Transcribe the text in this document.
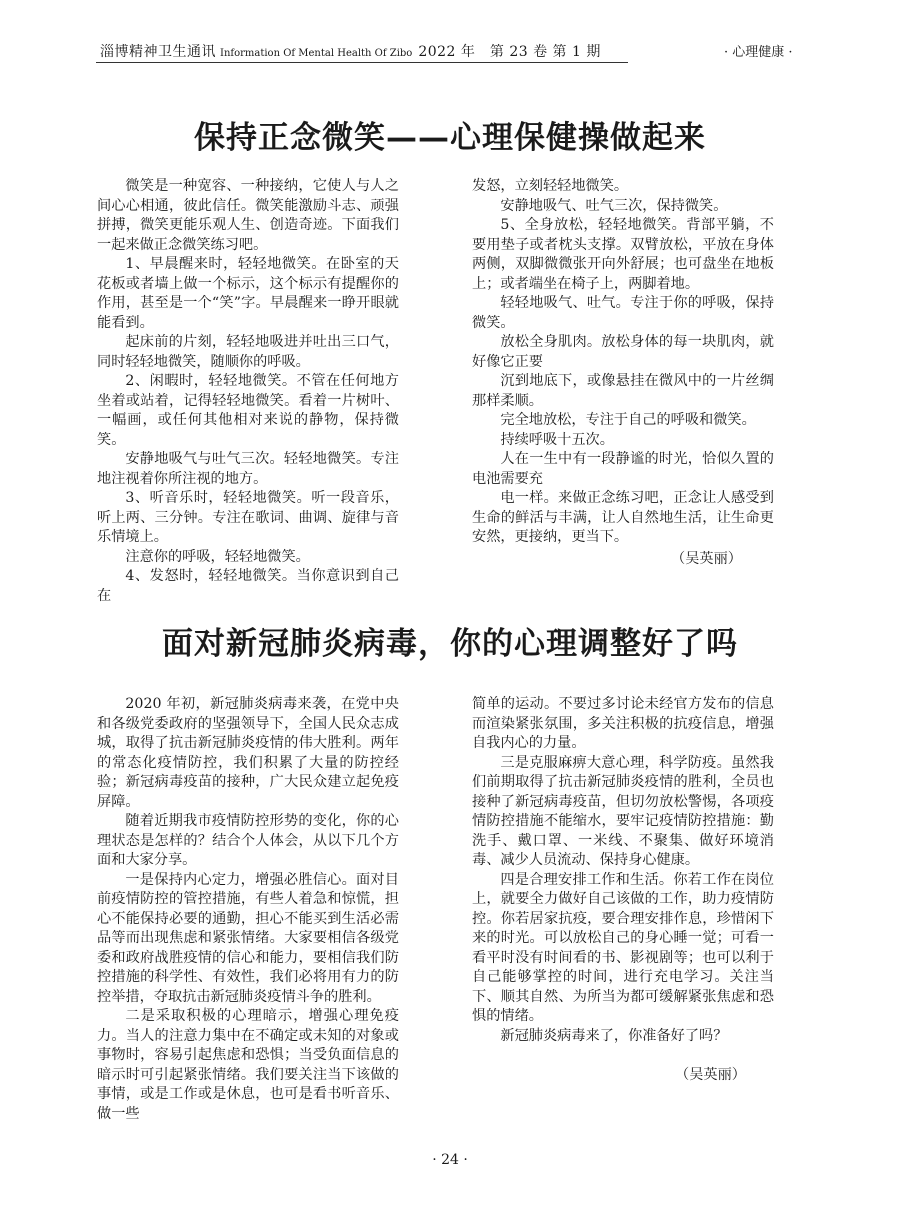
淄博精神卫生通讯 Information Of Mental Health Of Zibo 2022 年　第 23 卷 第 1 期	· 心理健康 ·
保持正念微笑——心理保健操做起来

微笑是一种宽容、一种接纳，它使人与人之间心心相通，彼此信任。微笑能激励斗志、顽强拼搏，微笑更能乐观人生、创造奇迹。下面我们一起来做正念微笑练习吧。

1、早晨醒来时，轻轻地微笑。在卧室的天花板或者墙上做一个标示，这个标示有提醒你的作用，甚至是一个“笑”字。早晨醒来一睁开眼就能看到。

起床前的片刻，轻轻地吸进并吐出三口气，同时轻轻地微笑，随顺你的呼吸。

2、闲暇时，轻轻地微笑。不管在任何地方坐着或站着，记得轻轻地微笑。看着一片树叶、一幅画，或任何其他相对来说的静物，保持微笑。

安静地吸气与吐气三次。轻轻地微笑。专注地注视着你所注视的地方。

3、听音乐时，轻轻地微笑。听一段音乐，听上两、三分钟。专注在歌词、曲调、旋律与音乐情境上。

注意你的呼吸，轻轻地微笑。

4、发怒时，轻轻地微笑。当你意识到自己在

发怒，立刻轻轻地微笑。

安静地吸气、吐气三次，保持微笑。

5、全身放松，轻轻地微笑。背部平躺，不要用垫子或者枕头支撑。双臂放松，平放在身体两侧，双脚微微张开向外舒展；也可盘坐在地板上；或者端坐在椅子上，两脚着地。

轻轻地吸气、吐气。专注于你的呼吸，保持微笑。

放松全身肌肉。放松身体的每一块肌肉，就好像它正要

沉到地底下，或像悬挂在微风中的一片丝绸那样柔顺。

完全地放松，专注于自己的呼吸和微笑。

持续呼吸十五次。

人在一生中有一段静谧的时光，恰似久置的电池需要充

电一样。来做正念练习吧，正念让人感受到生命的鲜活与丰满，让人自然地生活，让生命更安然，更接纳，更当下。

（吴英丽）

面对新冠肺炎病毒，你的心理调整好了吗

2020 年初，新冠肺炎病毒来袭，在党中央和各级党委政府的坚强领导下，全国人民众志成城，取得了抗击新冠肺炎疫情的伟大胜利。两年的常态化疫情防控，我们积累了大量的防控经验；新冠病毒疫苗的接种，广大民众建立起免疫屏障。

随着近期我市疫情防控形势的变化，你的心理状态是怎样的？结合个人体会，从以下几个方面和大家分享。

一是保持内心定力，增强必胜信心。面对目前疫情防控的管控措施，有些人着急和惊慌，担心不能保持必要的通勤，担心不能买到生活必需品等而出现焦虑和紧张情绪。大家要相信各级党委和政府战胜疫情的信心和能力，要相信我们防控措施的科学性、有效性，我们必将用有力的防控举措，夺取抗击新冠肺炎疫情斗争的胜利。

二是采取积极的心理暗示，增强心理免疫力。当人的注意力集中在不确定或未知的对象或事物时，容易引起焦虑和恐惧；当受负面信息的暗示时可引起紧张情绪。我们要关注当下该做的事情，或是工作或是休息，也可是看书听音乐、做一些

简单的运动。不要过多讨论未经官方发布的信息而渲染紧张氛围，多关注积极的抗疫信息，增强自我内心的力量。

三是克服麻痹大意心理，科学防疫。虽然我们前期取得了抗击新冠肺炎疫情的胜利，全员也接种了新冠病毒疫苗，但切勿放松警惕，各项疫情防控措施不能缩水，要牢记疫情防控措施：勤洗手、戴口罩、一米线、不聚集、做好环境消毒、减少人员流动、保持身心健康。

四是合理安排工作和生活。你若工作在岗位上，就要全力做好自己该做的工作，助力疫情防控。你若居家抗疫，要合理安排作息，珍惜闲下来的时光。可以放松自己的身心睡一觉；可看一看平时没有时间看的书、影视剧等；也可以利于自己能够掌控的时间，进行充电学习。关注当下、顺其自然、为所当为都可缓解紧张焦虑和恐惧的情绪。

新冠肺炎病毒来了，你准备好了吗？

（吴英丽）

· 24 ·
